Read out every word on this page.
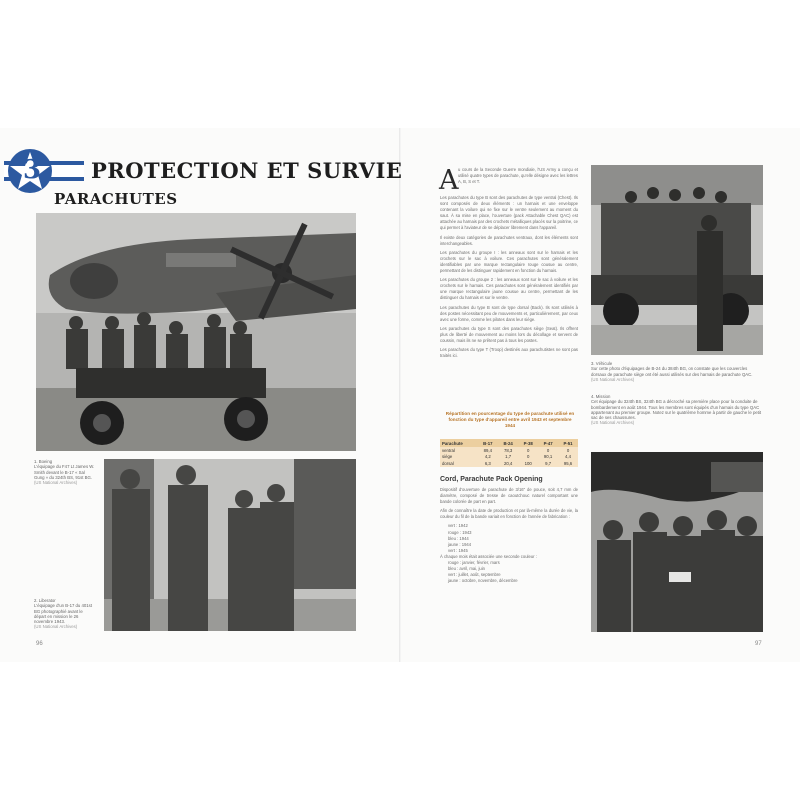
3 PROTECTION ET SURVIE
PARACHUTES
1. Boeing
L'équipage du F47 Lt James W. Smith devant le B-17 « Sal Gung » du 324th BS, 91st BG.
(US National Archives)
2. Liberator
L'équipage d'un B-17 du 401st BG photographié avant le départ en mission le 26 novembre 1943.
(US National Archives)
96
A u cours de la Seconde Guerre mondiale, l'US Army a conçu et utilisé quatre types de parachute, qu'elle désigne avec les lettres A, B, S et T.

Les parachutes du type B sont des parachutes de type ventral (Chest). Ils sont composés de deux éléments : un harnais et une enveloppe contenant la voilure qui se fixe sur le ventre seulement au moment du saut. À sa mise en place, l'ouverture (pack Attachable Chest QAC) est attachée au harnais par des crochets métalliques placés sur la poitrine, ce qui permet à l'aviateur de se déplacer librement dans l'appareil.

Il existe deux catégories de parachutes ventraux, dont les éléments sont interchangeables.

Les parachutes du groupe I : les anneaux sont sur le harnais et les crochets sur le sac à voilure. Ces parachutes sont généralement identifiables par une marque rectangulaire rouge cousue au centre, permettant de les distinguer rapidement en fonction du harnais.

Les parachutes du groupe 2 : les anneaux sont sur le sac à voilure et les crochets sur le harnais. Ces parachutes sont généralement identifiés par une marque rectangulaire jaune cousue au centre, permettant de les distinguer du harnais et sur le ventre.

Les parachutes du type B sont de type dorsal (Back). Ils sont utilisés à des postes nécessitant peu de mouvements et, particulièrement, par ceux avec une forme, comme les pilotes dans leur siège.

Les parachutes du type S sont des parachutes siège (Seat). Ils offrent plus de liberté de mouvement au moins lors du décollage et servent de coussin, mais ils ne se prêtent pas à tous les postes.

Les parachutes du type T (Troop) destinés aux parachutistes ne sont pas traités ici.

Répartition en pourcentage du type de parachute utilisé en fonction du type d'appareil entre avril 1943 et septembre 1944
Parachute	B-17	B-24	P-38	P-47	P-51
ventral	89,4	78,3	0	0	0
siège	4,2	1,7	0	90,1	4,4
dorsal	6,3	20,4	100	9,7	95,6
Cord, Parachute Pack Opening

Dispositif d'ouverture de parachute de 3/16" de pouce, soit 4,7 mm de diamètre, composé de tresse de caoutchouc naturel comportant une bande colorée de part en part.

Afin de connaître la date de production et par là-même la durée de vie, la couleur du fil de la bande variait en fonction de l'année de fabrication :

vert : 1942
rouge : 1943
bleu : 1944
jaune : 1944
vert : 1945
À chaque mois était associée une seconde couleur :
rouge : janvier, février, mars
bleu : avril, mai, juin
vert : juillet, août, septembre
jaune : octobre, novembre, décembre
3. Véhicule
Sur cette photo d'équipages de B-24 du 384th BG, on constate que les couvercles dorsaux de parachute siège ont été aussi utilisés sur des harnais de parachute QAC.
(US National Archives)
4. Mission
Cet équipage du 324th BS, 324th BG a décroché sa première place pour la conduite de bombardement en août 1944. Tous les membres sont équipés d'un harnais du type QAC appartenant au premier groupe. Notez sur le quatrième homme à partir de gauche le petit sac de ses chaussures.
(US National Archives)
97
